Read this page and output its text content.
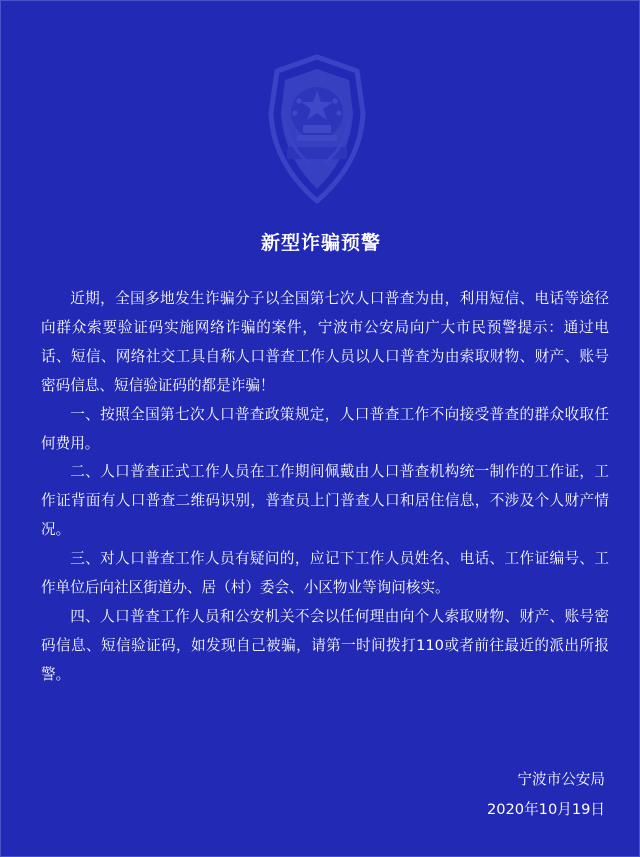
新型诈骗预警

近期，全国多地发生诈骗分子以全国第七次人口普查为由，利用短信、电话等途径向群众索要验证码实施网络诈骗的案件，宁波市公安局向广大市民预警提示：通过电话、短信、网络社交工具自称人口普查工作人员以人口普查为由索取财物、财产、账号密码信息、短信验证码的都是诈骗！

一、按照全国第七次人口普查政策规定，人口普查工作不向接受普查的群众收取任何费用。

二、人口普查正式工作人员在工作期间佩戴由人口普查机构统一制作的工作证，工作证背面有人口普查二维码识别，普查员上门普查人口和居住信息，不涉及个人财产情况。

三、对人口普查工作人员有疑问的，应记下工作人员姓名、电话、工作证编号、工作单位后向社区街道办、居（村）委会、小区物业等询问核实。

四、人口普查工作人员和公安机关不会以任何理由向个人索取财物、财产、账号密码信息、短信验证码，如发现自己被骗，请第一时间拨打110或者前往最近的派出所报警。

宁波市公安局
2020年10月19日
